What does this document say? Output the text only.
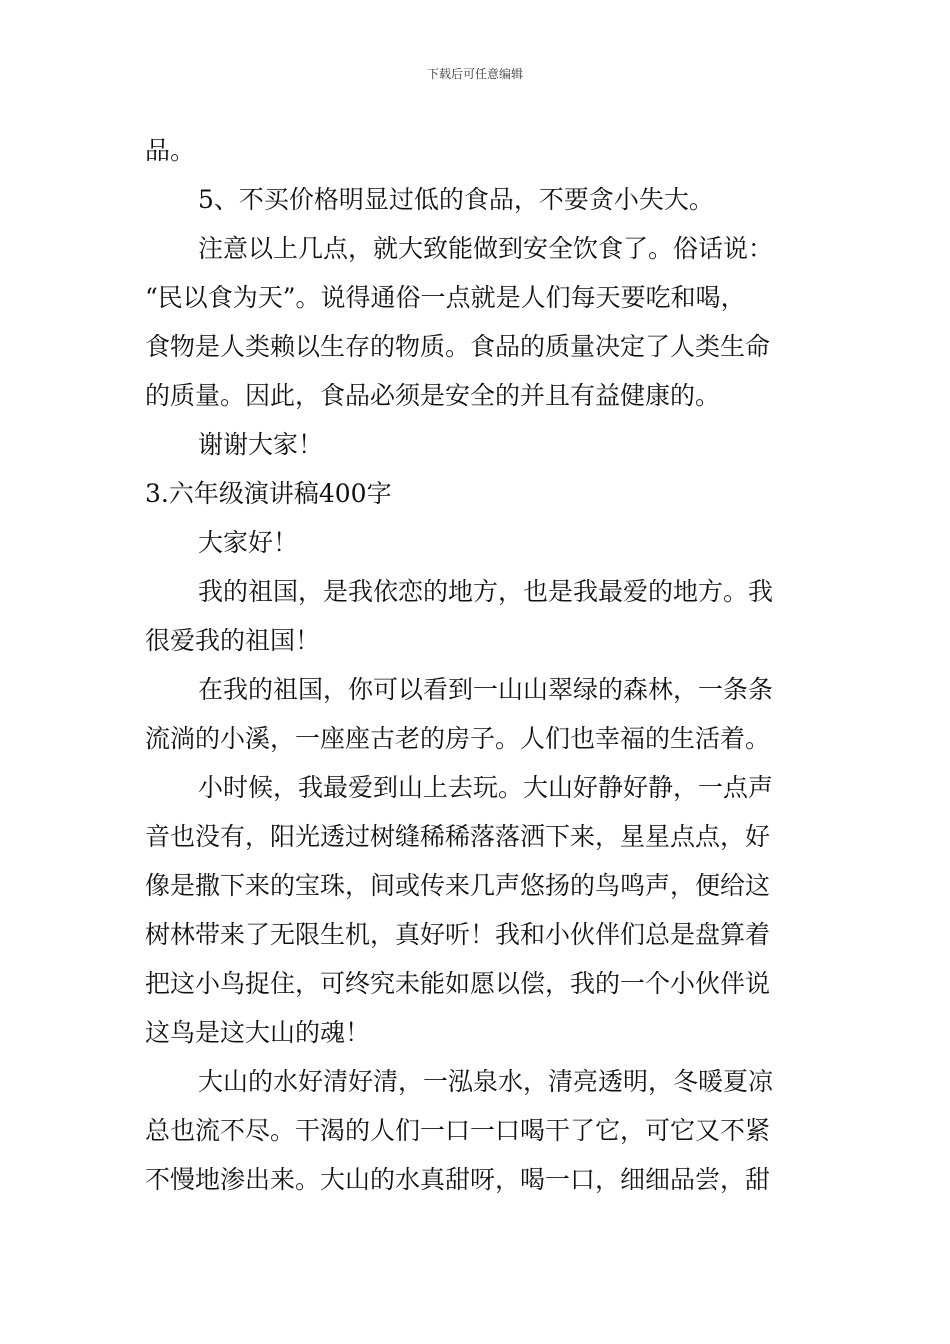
下载后可任意编辑
品。
5、不买价格明显过低的食品，不要贪小失大。
注意以上几点，就大致能做到安全饮食了。俗话说：
“民以食为天”。说得通俗一点就是人们每天要吃和喝，
食物是人类赖以生存的物质。食品的质量决定了人类生命
的质量。因此，食品必须是安全的并且有益健康的。
谢谢大家！
3.六年级演讲稿400字
大家好！
我的祖国，是我依恋的地方，也是我最爱的地方。我
很爱我的祖国！
在我的祖国，你可以看到一山山翠绿的森林，一条条
流淌的小溪，一座座古老的房子。人们也幸福的生活着。
小时候，我最爱到山上去玩。大山好静好静，一点声
音也没有，阳光透过树缝稀稀落落洒下来，星星点点，好
像是撒下来的宝珠，间或传来几声悠扬的鸟鸣声，便给这
树林带来了无限生机，真好听！我和小伙伴们总是盘算着
把这小鸟捉住，可终究未能如愿以偿，我的一个小伙伴说
这鸟是这大山的魂！
大山的水好清好清，一泓泉水，清亮透明，冬暖夏凉
总也流不尽。干渴的人们一口一口喝干了它，可它又不紧
不慢地渗出来。大山的水真甜呀，喝一口，细细品尝，甜
